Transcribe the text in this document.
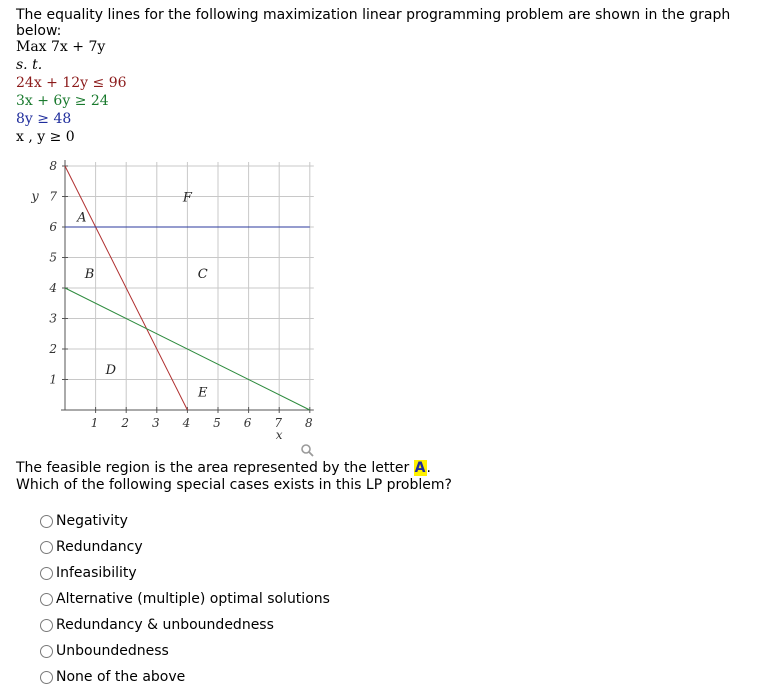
The equality lines for the following maximization linear programming problem are shown in the graph below:
Max 7x + 7y
s. t.
24x + 12y ≤ 96
3x + 6y ≥ 24
8y ≥ 48
x , y ≥ 0
1 2 3 4 5 6 7 8
1
2
3
4
5
6
7
8
x
y
A
F
B	C
D
E
The feasible region is the area represented by the letter A.
Which of the following special cases exists in this LP problem?
Negativity
Redundancy
Infeasibility
Alternative (multiple) optimal solutions
Redundancy & unboundedness
Unboundedness
None of the above
